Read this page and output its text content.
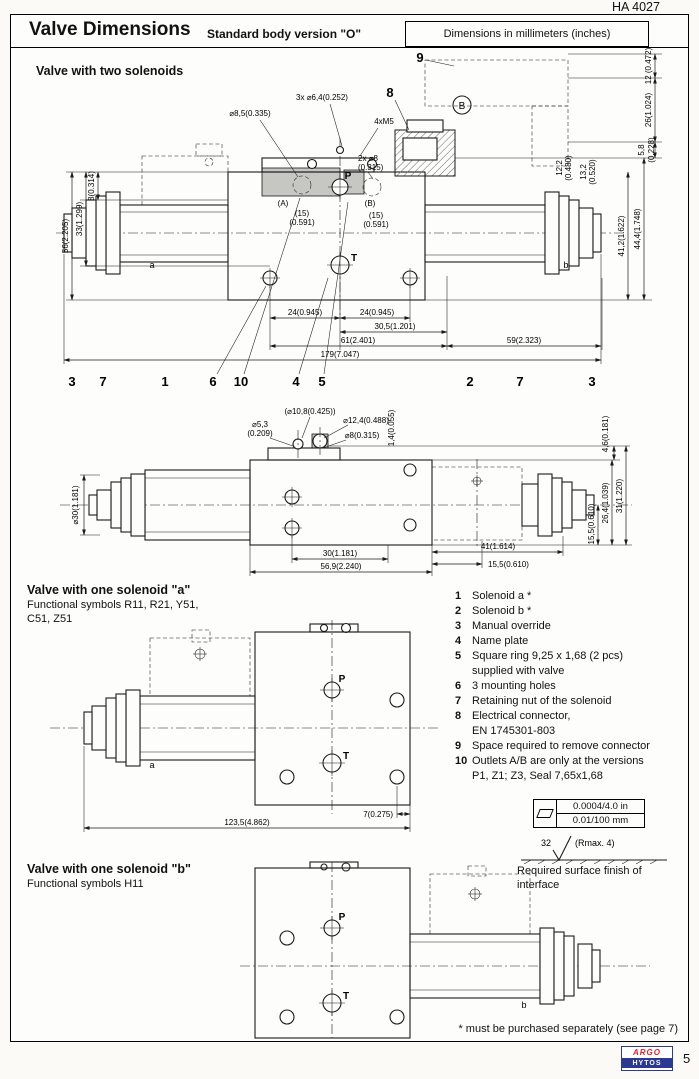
HA 4027
Valve Dimensions Standard body version "O"	Dimensions in millimeters (inches)
Valve with two solenoids
B
3x ⌀6,4(0.252)
⌀8,5(0.335)
4xM5
2x ⌀8
(0.315)
9
8
P
T
(A)	(B)
(15)
(0.591)
(15)
(0.591)
a	b
56(2.205) 33(1.299)
8(0.314)
12 (0.472)
26(1.024)
5,8 (0.228)
12,2 (0.480) 13,2 (0.520)
41,2(1.622) 44,4(1.748)
24(0.945)	24(0.945)
30,5(1.201)
61(2.401)	59(2.323)
179(7.047)
3 7	1	6 10	4 5	2	7	3
(⌀10,8(0.425))
⌀12,4(0.488)
⌀5,3
(0.209)	⌀8(0.315) 1,4(0.055)	4,6(0.181)
⌀30(1.181)	15,5(0.610)
26,4(1.039) 31(1.220)
41(1.614)
15,5(0.610)
30(1.181)
56,9(2.240)
Valve with one solenoid "a"
Functional symbols R11, R21, Y51,
C51, Z51
1 Solenoid a *
2 Solenoid b *
3 Manual override
4 Name plate
5 Square ring 9,25 x 1,68 (2 pcs)
supplied with valve
6 3 mounting holes
7 Retaining nut of the solenoid
8 Electrical connector,
EN 1745301-803
9 Space required to remove connector
10 Outlets A/B are only at the versions
P1, Z1; Z3, Seal 7,65x1,68
P
T
a
7(0.275)
123,5(4.862)
0.0004/4.0 in
0.01/100 mm
32	(Rmax. 4)
Required surface finish of
interface
Valve with one solenoid "b"
Functional symbols H11
P
T
b
* must be purchased separately (see page 7)
ARGO
HYTOS	5
